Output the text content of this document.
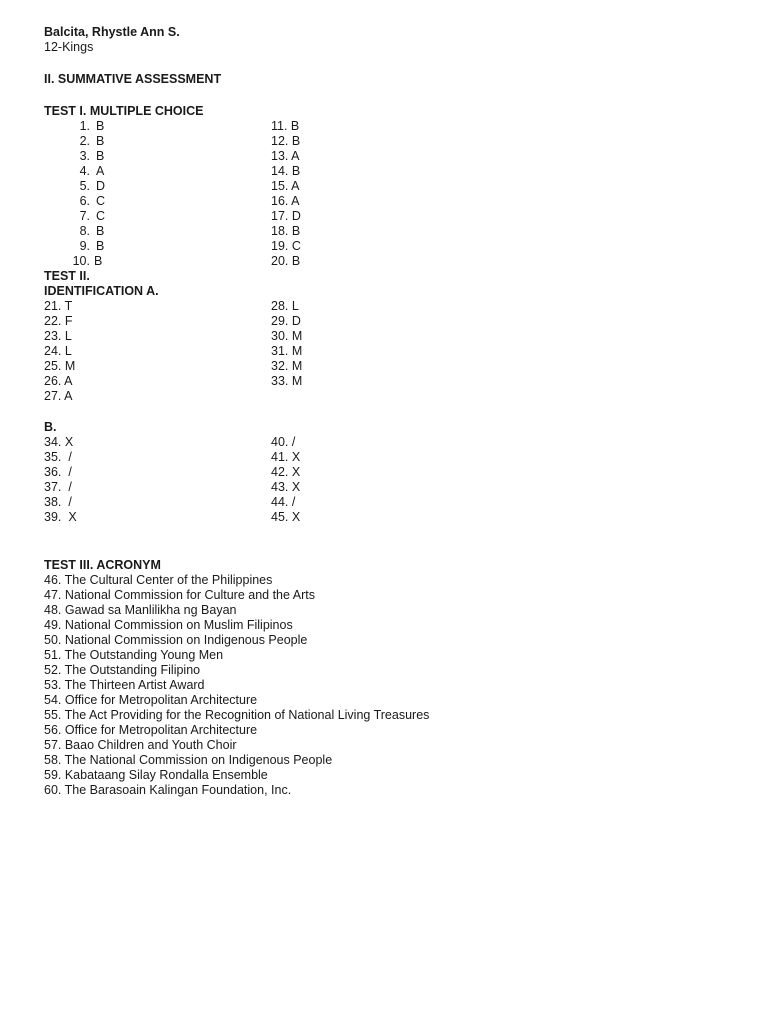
Balcita, Rhystle Ann S.
12-Kings
II. SUMMATIVE ASSESSMENT
TEST I. MULTIPLE CHOICE
1. B	11. B
2. B	12. B
3. B	13. A
4. A	14. B
5. D	15. A
6. C	16. A
7. C	17. D
8. B	18. B
9. B	19. C
10. B	20. B
TEST II.
IDENTIFICATION A.
21. T	28. L
22. F	29. D
23. L	30. M
24. L	31. M
25. M	32. M
26. A	33. M
27. A
B.
34. X	40. /
35.  /	41. X
36.  /	42. X
37.  /	43. X
38.  /	44. /
39.  X	45. X
TEST III. ACRONYM
46. The Cultural Center of the Philippines
47. National Commission for Culture and the Arts
48. Gawad sa Manlilikha ng Bayan
49. National Commission on Muslim Filipinos
50. National Commission on Indigenous People
51. The Outstanding Young Men
52. The Outstanding Filipino
53. The Thirteen Artist Award
54. Office for Metropolitan Architecture
55. The Act Providing for the Recognition of National Living Treasures
56. Office for Metropolitan Architecture
57. Baao Children and Youth Choir
58. The National Commission on Indigenous People
59. Kabataang Silay Rondalla Ensemble
60. The Barasoain Kalingan Foundation, Inc.
